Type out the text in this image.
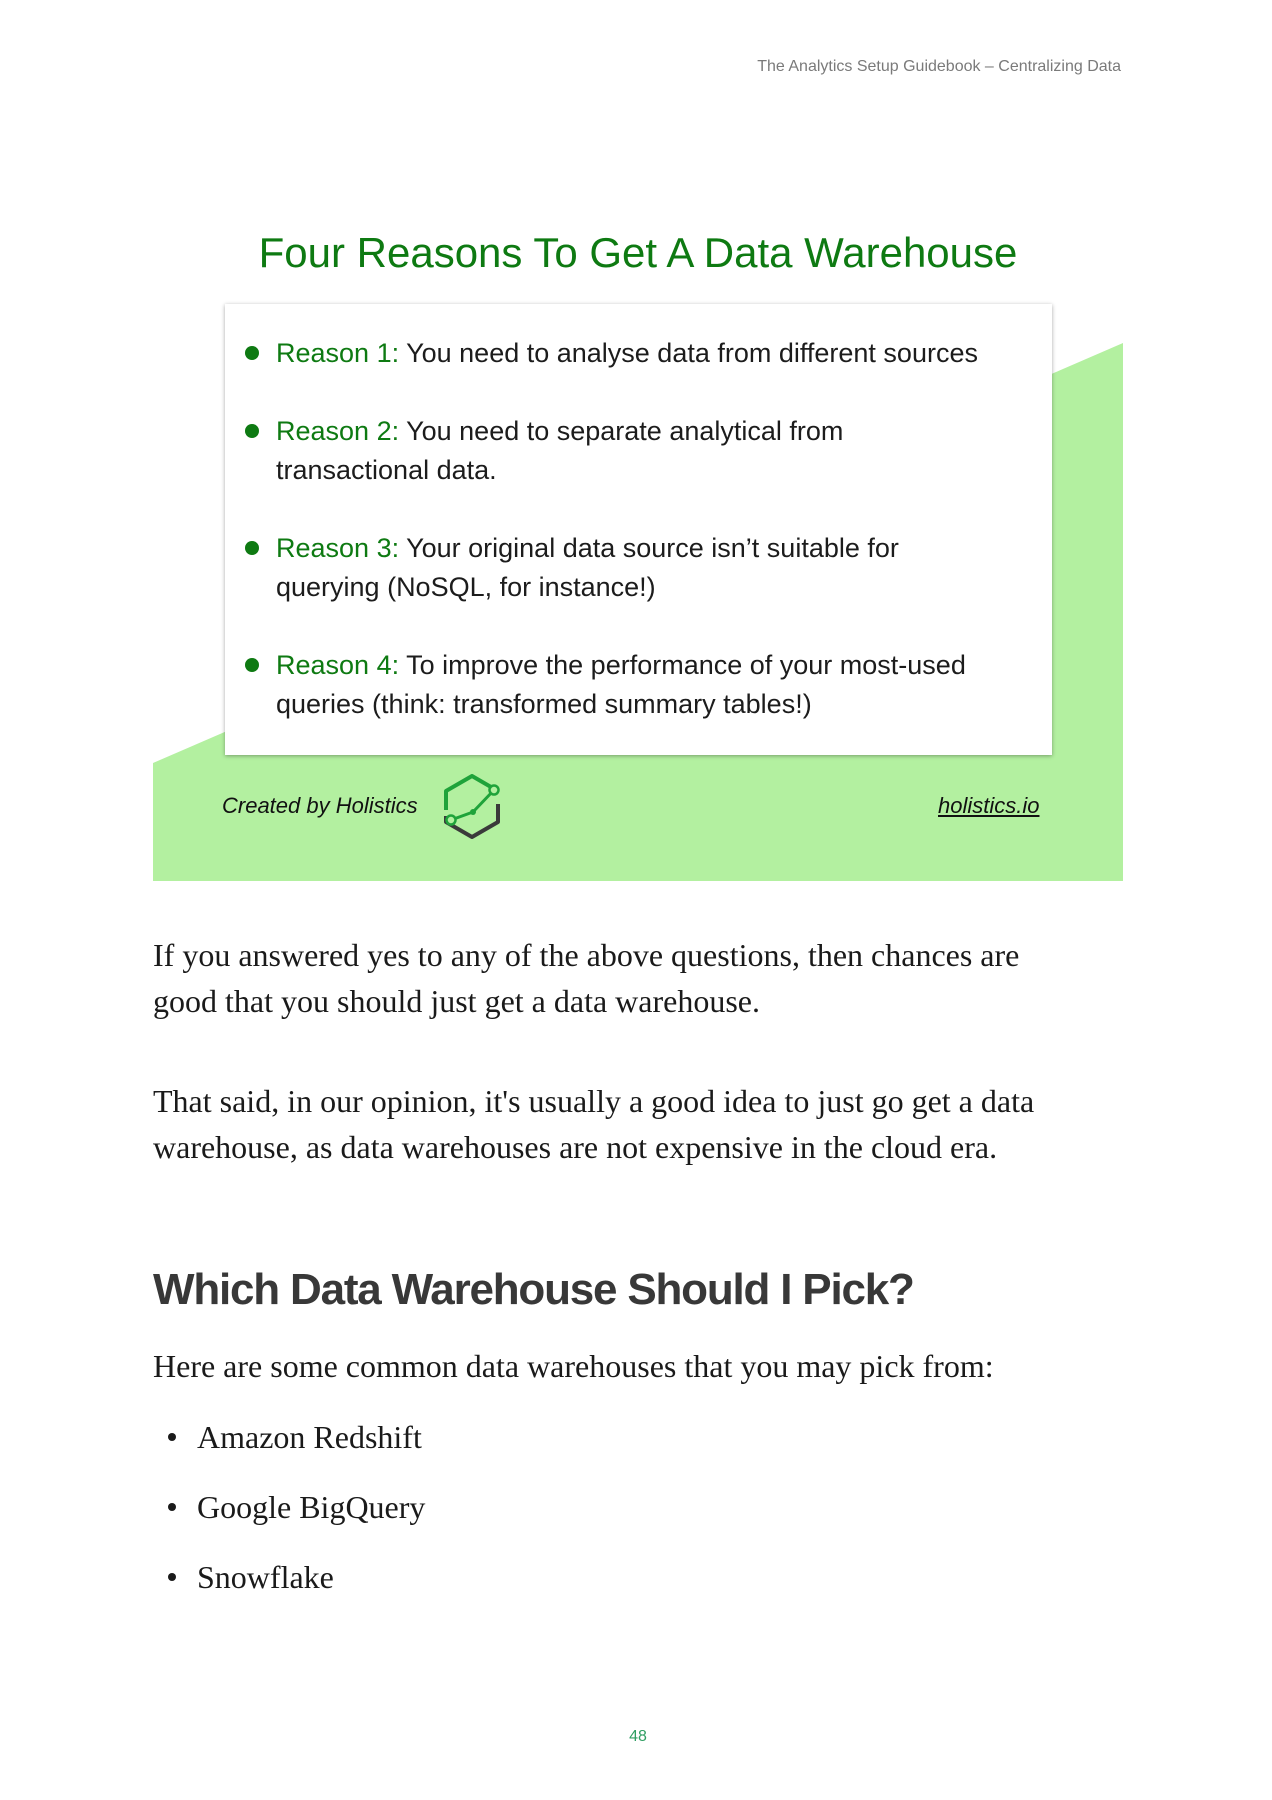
The Analytics Setup Guidebook – Centralizing Data
Four Reasons To Get A Data Warehouse
Reason 1: You need to analyse data from different sources
Reason 2: You need to separate analytical from
transactional data.
Reason 3: Your original data source isn’t suitable for
querying (NoSQL, for instance!)
Reason 4: To improve the performance of your most-used
queries (think: transformed summary tables!)
Created by Holistics	holistics.io
If you answered yes to any of the above questions, then chances are
good that you should just get a data warehouse.
That said, in our opinion, it's usually a good idea to just go get a data
warehouse, as data warehouses are not expensive in the cloud era.
Which Data Warehouse Should I Pick?
Here are some common data warehouses that you may pick from:
Amazon Redshift
Google BigQuery
Snowflake
48
